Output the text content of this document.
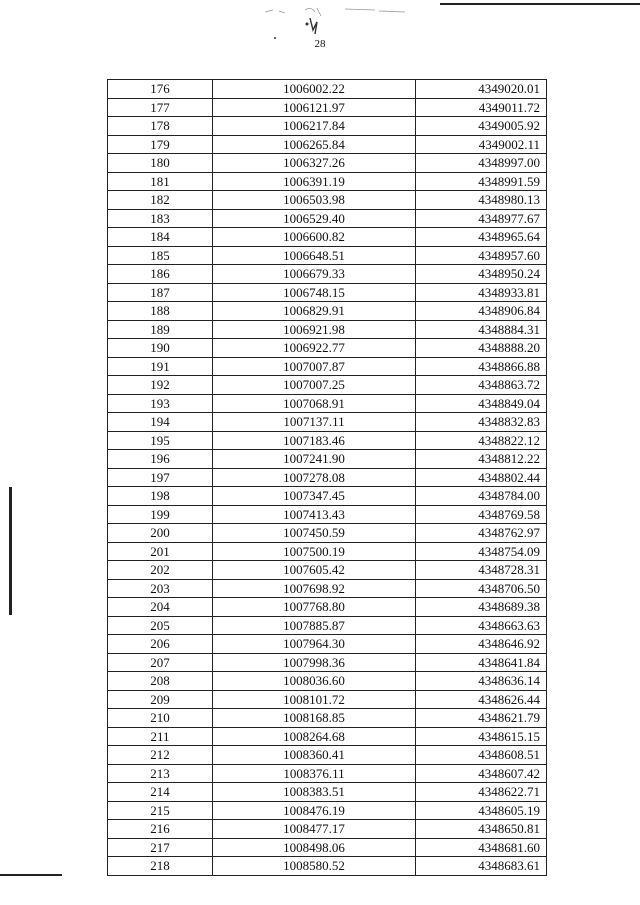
28
176	1006002.22	4349020.01
177	1006121.97	4349011.72
178	1006217.84	4349005.92
179	1006265.84	4349002.11
180	1006327.26	4348997.00
181	1006391.19	4348991.59
182	1006503.98	4348980.13
183	1006529.40	4348977.67
184	1006600.82	4348965.64
185	1006648.51	4348957.60
186	1006679.33	4348950.24
187	1006748.15	4348933.81
188	1006829.91	4348906.84
189	1006921.98	4348884.31
190	1006922.77	4348888.20
191	1007007.87	4348866.88
192	1007007.25	4348863.72
193	1007068.91	4348849.04
194	1007137.11	4348832.83
195	1007183.46	4348822.12
196	1007241.90	4348812.22
197	1007278.08	4348802.44
198	1007347.45	4348784.00
199	1007413.43	4348769.58
200	1007450.59	4348762.97
201	1007500.19	4348754.09
202	1007605.42	4348728.31
203	1007698.92	4348706.50
204	1007768.80	4348689.38
205	1007885.87	4348663.63
206	1007964.30	4348646.92
207	1007998.36	4348641.84
208	1008036.60	4348636.14
209	1008101.72	4348626.44
210	1008168.85	4348621.79
211	1008264.68	4348615.15
212	1008360.41	4348608.51
213	1008376.11	4348607.42
214	1008383.51	4348622.71
215	1008476.19	4348605.19
216	1008477.17	4348650.81
217	1008498.06	4348681.60
218	1008580.52	4348683.61
